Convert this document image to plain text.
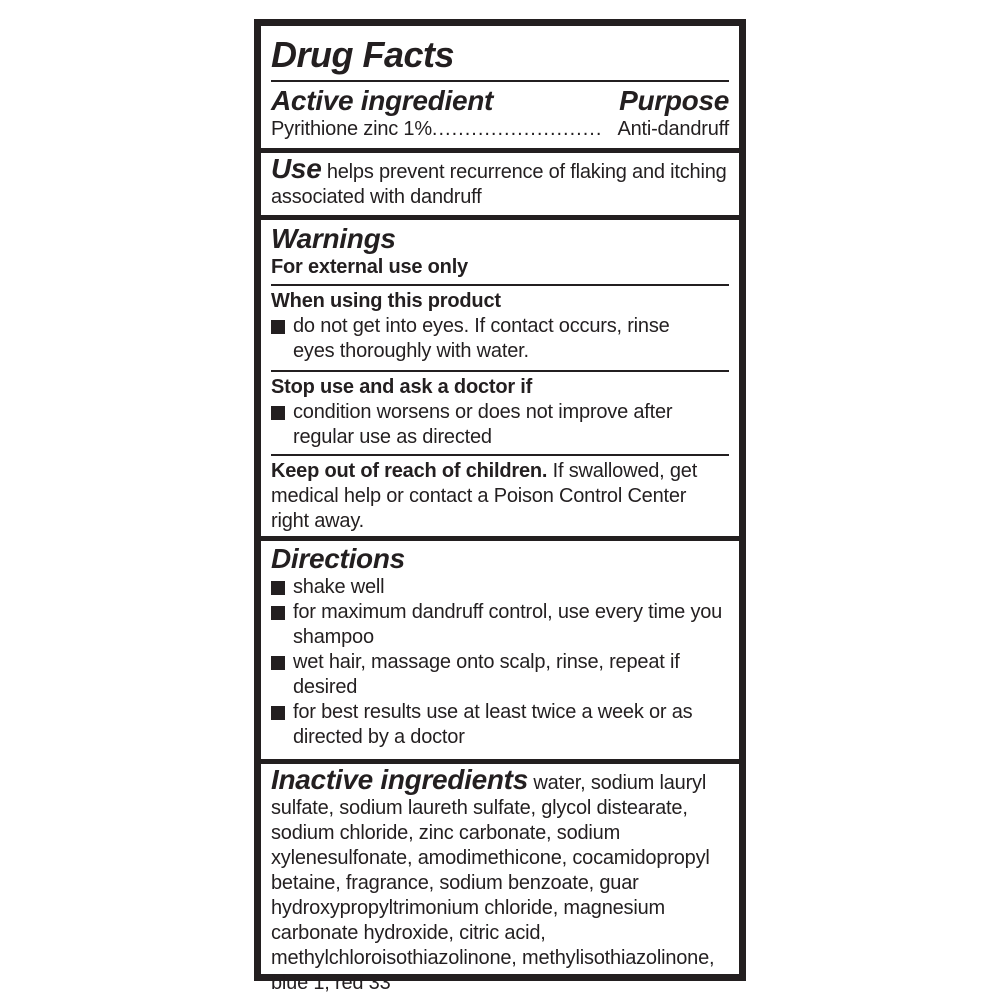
Drug Facts
Active ingredient	Purpose
Pyrithione zinc 1% .......................... Anti-dandruff
Use helps prevent recurrence of flaking and itching associated with dandruff
Warnings
For external use only
When using this product
do not get into eyes. If contact occurs, rinse
eyes thoroughly with water.
Stop use and ask a doctor if
condition worsens or does not improve after
regular use as directed
Keep out of reach of children. If swallowed, get medical help or contact a Poison Control Center right away.
Directions
shake well
for maximum dandruff control, use every time you shampoo
wet hair, massage onto scalp, rinse, repeat if desired
for best results use at least twice a week or as directed by a doctor
Inactive ingredients water, sodium lauryl sulfate, sodium laureth sulfate, glycol distearate, sodium chloride, zinc carbonate, sodium xylenesulfonate, amodimethicone, cocamidopropyl betaine, fragrance, sodium benzoate, guar hydroxypropyltrimonium chloride, magnesium carbonate hydroxide, citric acid, methylchloroisothiazolinone, methylisothiazolinone, blue 1, red 33
